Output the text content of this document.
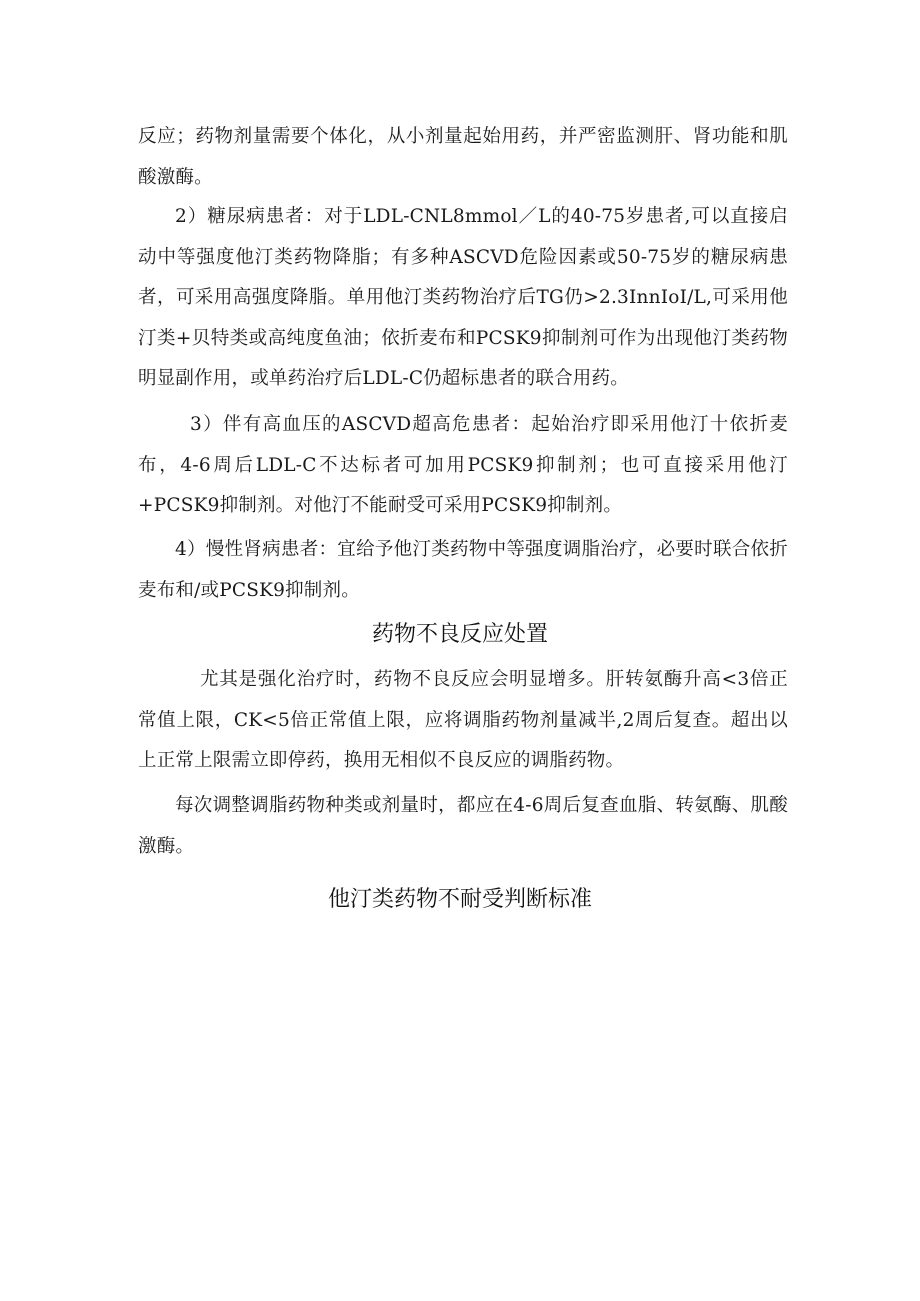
反应；药物剂量需要个体化，从小剂量起始用药，并严密监测肝、肾功能和肌酸激酶。

2）糖尿病患者：对于LDL-CNL8mmol／L的40-75岁患者,可以直接启动中等强度他汀类药物降脂；有多种ASCVD危险因素或50-75岁的糖尿病患者，可采用高强度降脂。单用他汀类药物治疗后TG仍>2.3InnIoI/L,可采用他汀类+贝特类或高纯度鱼油；依折麦布和PCSK9抑制剂可作为出现他汀类药物明显副作用，或单药治疗后LDL-C仍超标患者的联合用药。

3）伴有高血压的ASCVD超高危患者：起始治疗即采用他汀十依折麦布，4-6周后LDL-C不达标者可加用PCSK9抑制剂；也可直接采用他汀+PCSK9抑制剂。对他汀不能耐受可采用PCSK9抑制剂。

4）慢性肾病患者：宜给予他汀类药物中等强度调脂治疗，必要时联合依折麦布和/或PCSK9抑制剂。

药物不良反应处置

尤其是强化治疗时，药物不良反应会明显增多。肝转氨酶升高<3倍正常值上限，CK<5倍正常值上限，应将调脂药物剂量减半,2周后复查。超出以上正常上限需立即停药，换用无相似不良反应的调脂药物。

每次调整调脂药物种类或剂量时，都应在4-6周后复查血脂、转氨酶、肌酸激酶。

他汀类药物不耐受判断标准
